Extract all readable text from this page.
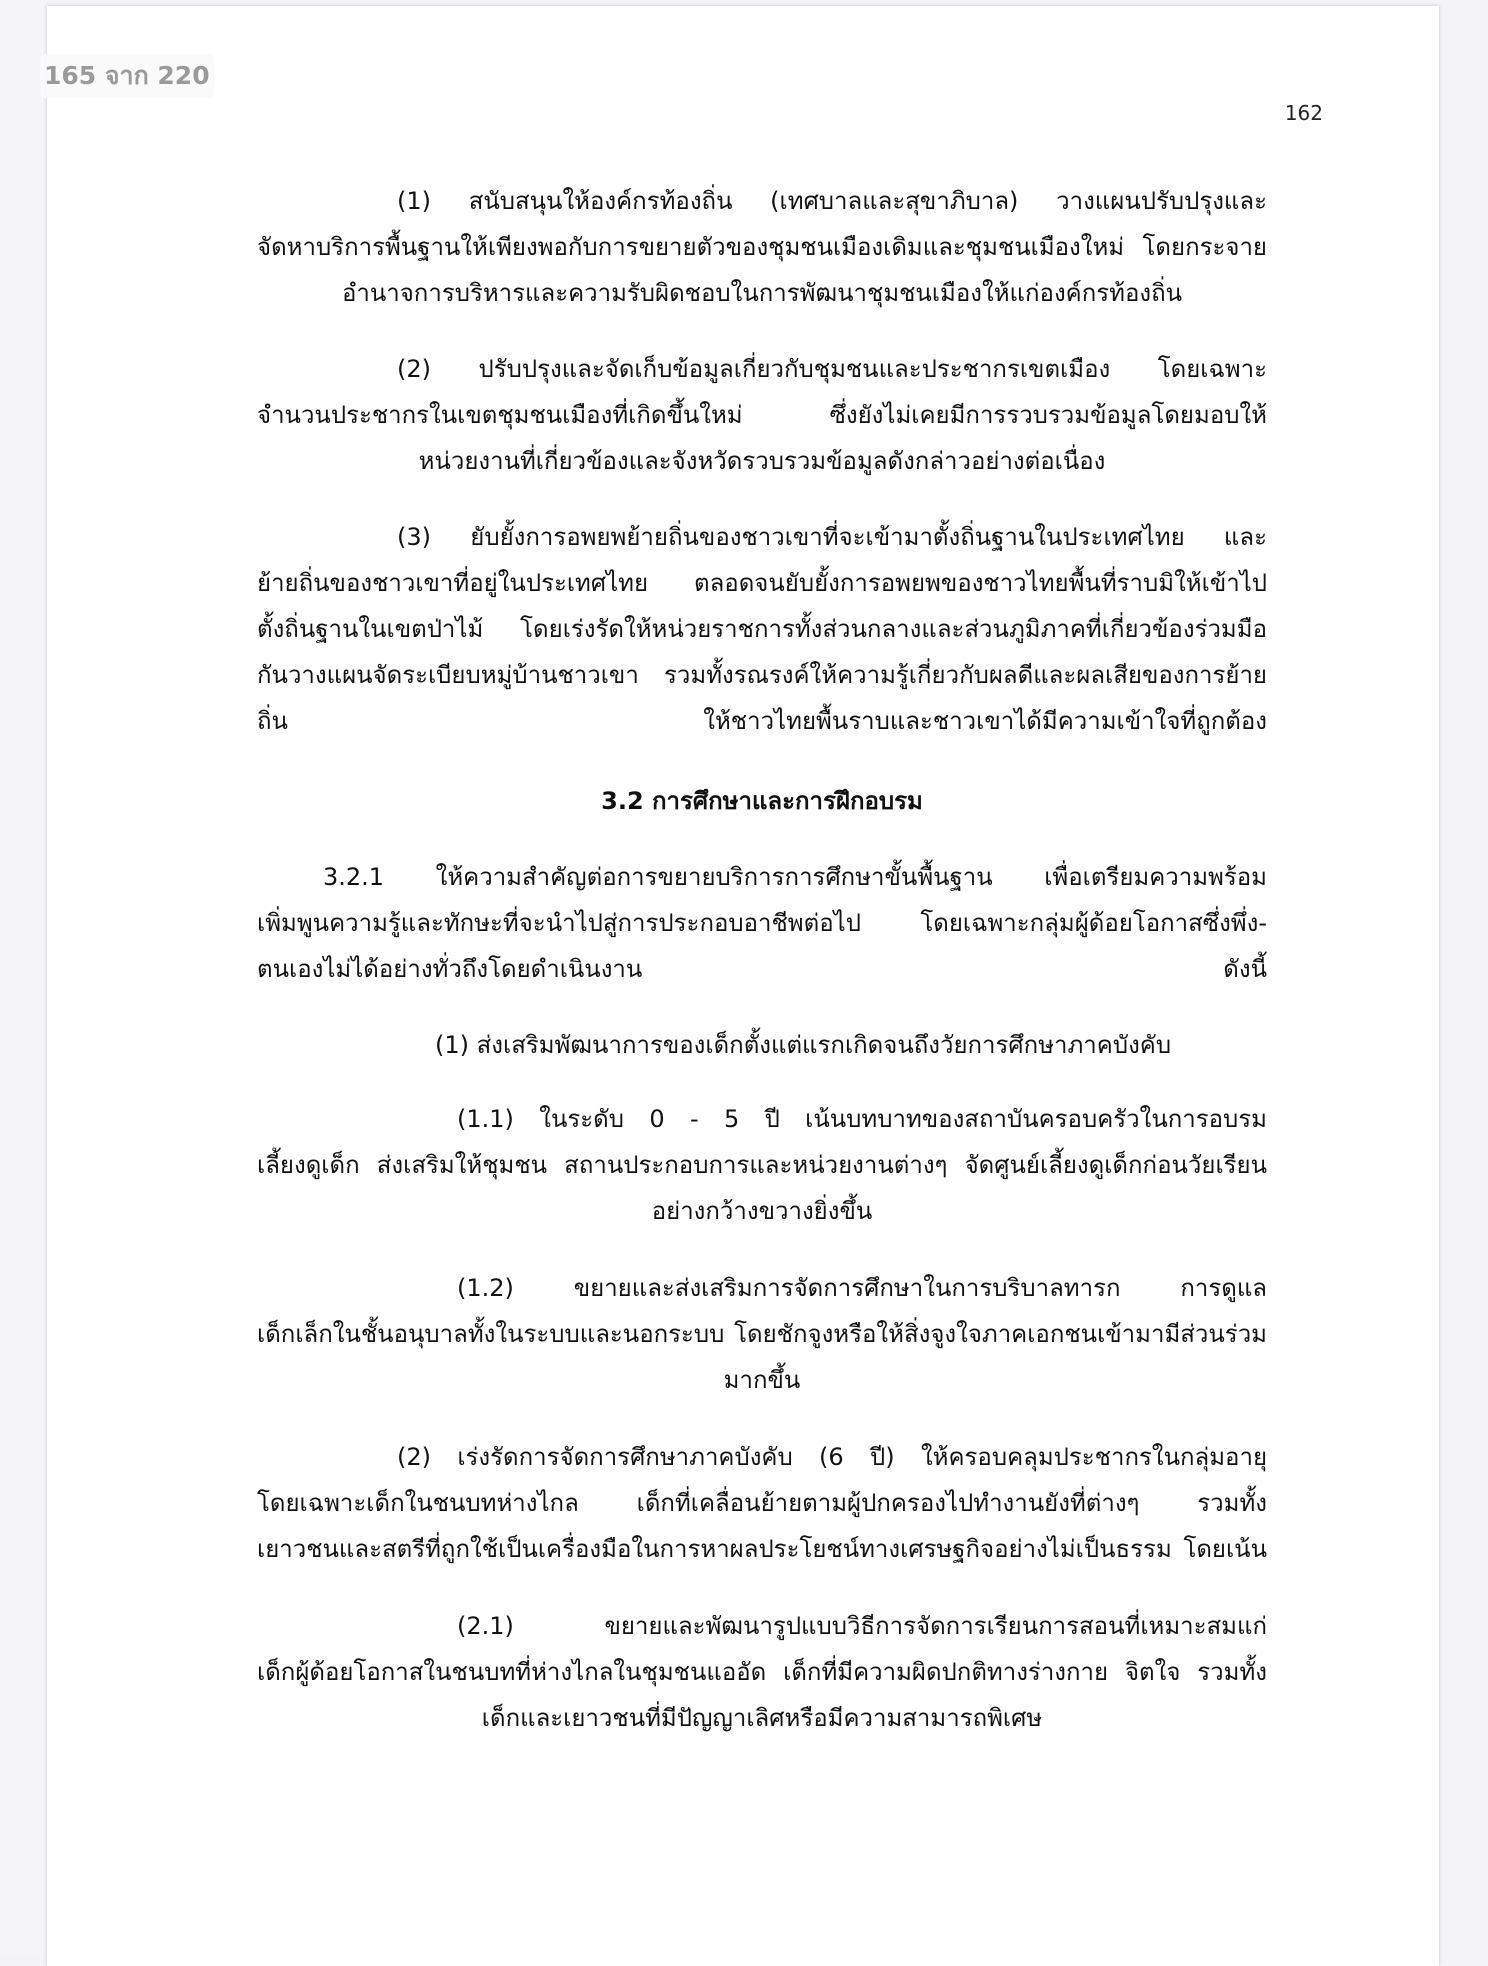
165 จาก 220
162
(1) สนับสนุนให้องค์กรท้องถิ่น (เทศบาลและสุขาภิบาล) วางแผนปรับปรุงและ
จัดหาบริการพื้นฐานให้เพียงพอกับการขยายตัวของชุมชนเมืองเดิมและชุมชนเมืองใหม่ โดยกระจาย
อำนาจการบริหารและความรับผิดชอบในการพัฒนาชุมชนเมืองให้แก่องค์กรท้องถิ่น
(2) ปรับปรุงและจัดเก็บข้อมูลเกี่ยวกับชุมชนและประชากรเขตเมือง โดยเฉพาะ
จำนวนประชากรในเขตชุมชนเมืองที่เกิดขึ้นใหม่ ซึ่งยังไม่เคยมีการรวบรวมข้อมูลโดยมอบให้
หน่วยงานที่เกี่ยวข้องและจังหวัดรวบรวมข้อมูลดังกล่าวอย่างต่อเนื่อง
(3) ยับยั้งการอพยพย้ายถิ่นของชาวเขาที่จะเข้ามาตั้งถิ่นฐานในประเทศไทย และ
ย้ายถิ่นของชาวเขาที่อยู่ในประเทศไทย ตลอดจนยับยั้งการอพยพของชาวไทยพื้นที่ราบมิให้เข้าไป
ตั้งถิ่นฐานในเขตป่าไม้ โดยเร่งรัดให้หน่วยราชการทั้งส่วนกลางและส่วนภูมิภาคที่เกี่ยวข้องร่วมมือ
กันวางแผนจัดระเบียบหมู่บ้านชาวเขา รวมทั้งรณรงค์ให้ความรู้เกี่ยวกับผลดีและผลเสียของการย้าย
ถิ่น ให้ชาวไทยพื้นราบและชาวเขาได้มีความเข้าใจที่ถูกต้อง
3.2 การศึกษาและการฝึกอบรม
3.2.1 ให้ความสำคัญต่อการขยายบริการการศึกษาขั้นพื้นฐาน เพื่อเตรียมความพร้อม
เพิ่มพูนความรู้และทักษะที่จะนำไปสู่การประกอบอาชีพต่อไป โดยเฉพาะกลุ่มผู้ด้อยโอกาสซึ่งพึ่ง-
ตนเองไม่ได้อย่างทั่วถึงโดยดำเนินงาน ดังนี้
(1) ส่งเสริมพัฒนาการของเด็กตั้งแต่แรกเกิดจนถึงวัยการศึกษาภาคบังคับ
(1.1) ในระดับ 0 - 5 ปี เน้นบทบาทของสถาบันครอบครัวในการอบรม
เลี้ยงดูเด็ก ส่งเสริมให้ชุมชน สถานประกอบการและหน่วยงานต่างๆ จัดศูนย์เลี้ยงดูเด็กก่อนวัยเรียน
อย่างกว้างขวางยิ่งขึ้น
(1.2) ขยายและส่งเสริมการจัดการศึกษาในการบริบาลทารก การดูแล
เด็กเล็กในชั้นอนุบาลทั้งในระบบและนอกระบบ โดยชักจูงหรือให้สิ่งจูงใจภาคเอกชนเข้ามามีส่วนร่วม
มากขึ้น
(2) เร่งรัดการจัดการศึกษาภาคบังคับ (6 ปี) ให้ครอบคลุมประชากรในกลุ่มอายุ
โดยเฉพาะเด็กในชนบทห่างไกล เด็กที่เคลื่อนย้ายตามผู้ปกครองไปทำงานยังที่ต่างๆ รวมทั้ง
เยาวชนและสตรีที่ถูกใช้เป็นเครื่องมือในการหาผลประโยชน์ทางเศรษฐกิจอย่างไม่เป็นธรรม โดยเน้น
(2.1) ขยายและพัฒนารูปแบบวิธีการจัดการเรียนการสอนที่เหมาะสมแก่
เด็กผู้ด้อยโอกาสในชนบทที่ห่างไกลในชุมชนแออัด เด็กที่มีความผิดปกติทางร่างกาย จิตใจ รวมทั้ง
เด็กและเยาวชนที่มีปัญญาเลิศหรือมีความสามารถพิเศษ
